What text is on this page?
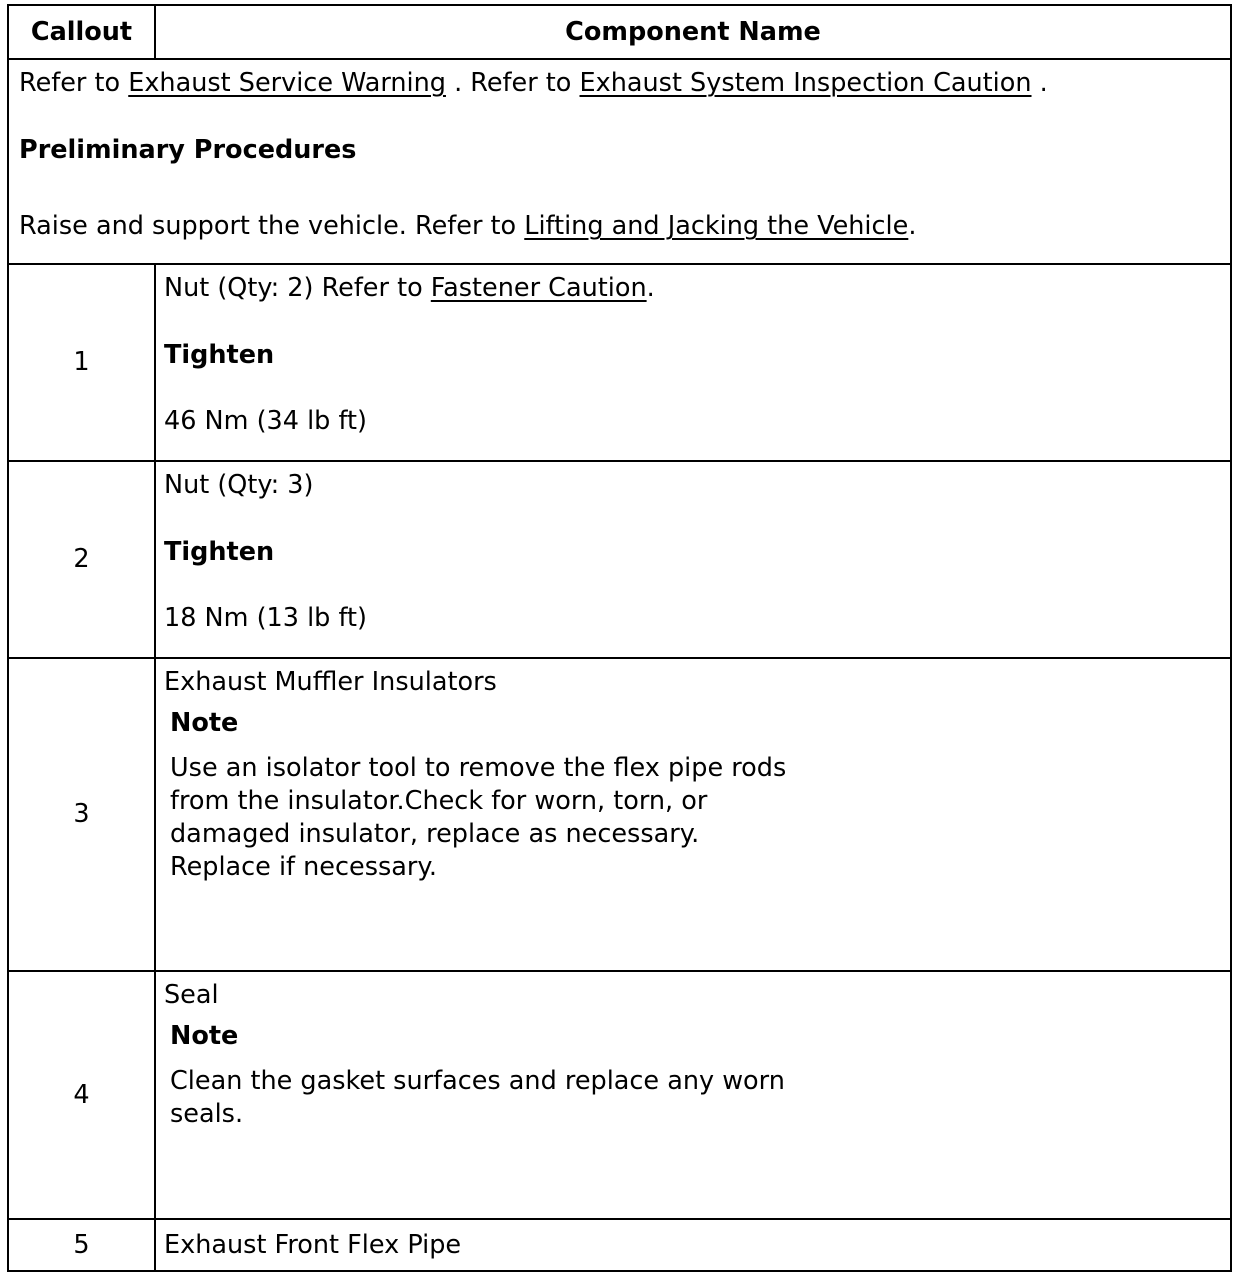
Callout	Component Name

Refer to Exhaust Service Warning . Refer to Exhaust System Inspection Caution .
Preliminary Procedures
Raise and support the vehicle. Refer to Lifting and Jacking the Vehicle.	

1	Nut (Qty: 2) Refer to Fastener Caution.
Tighten
46 Nm (34 lb ft)

2	Nut (Qty: 3)
Tighten
18 Nm (13 lb ft)

3	Exhaust Muffler Insulators
Note
Use an isolator tool to remove the flex pipe rods from the insulator.Check for worn, torn, or damaged insulator, replace as necessary. Replace if necessary.

4	Seal
Note
Clean the gasket surfaces and replace any worn seals.

5	Exhaust Front Flex Pipe
